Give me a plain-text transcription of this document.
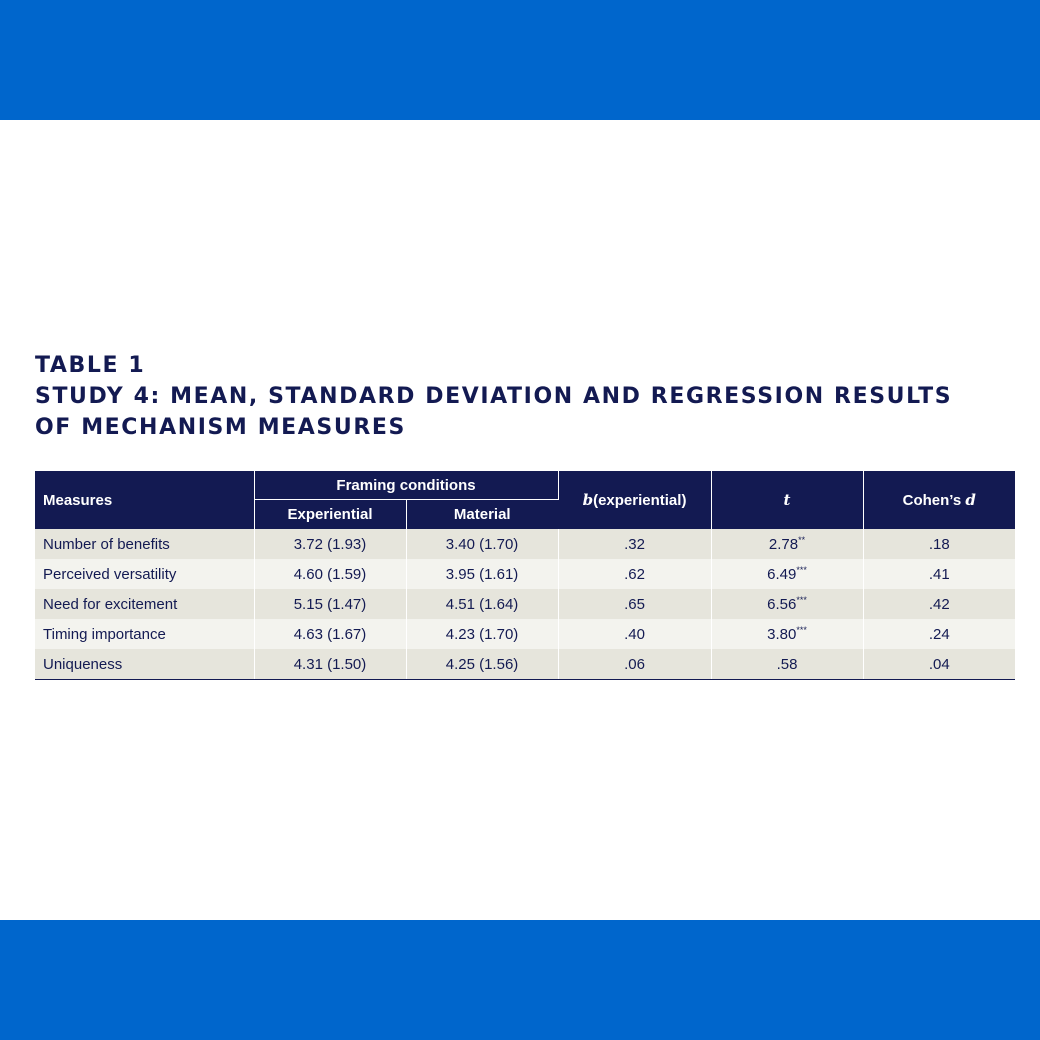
TABLE 1
STUDY 4: MEAN, STANDARD DEVIATION AND REGRESSION RESULTS
OF MECHANISM MEASURES
Measures	Framing conditions		b(experiential)	t	Cohen’s d
	Experiential	Material			
Number of benefits	3.72 (1.93)	3.40 (1.70)	.32	2.78**	.18
Perceived versatility	4.60 (1.59)	3.95 (1.61)	.62	6.49***	.41
Need for excitement	5.15 (1.47)	4.51 (1.64)	.65	6.56***	.42
Timing importance	4.63 (1.67)	4.23 (1.70)	.40	3.80***	.24
Uniqueness	4.31 (1.50)	4.25 (1.56)	.06	.58	.04
